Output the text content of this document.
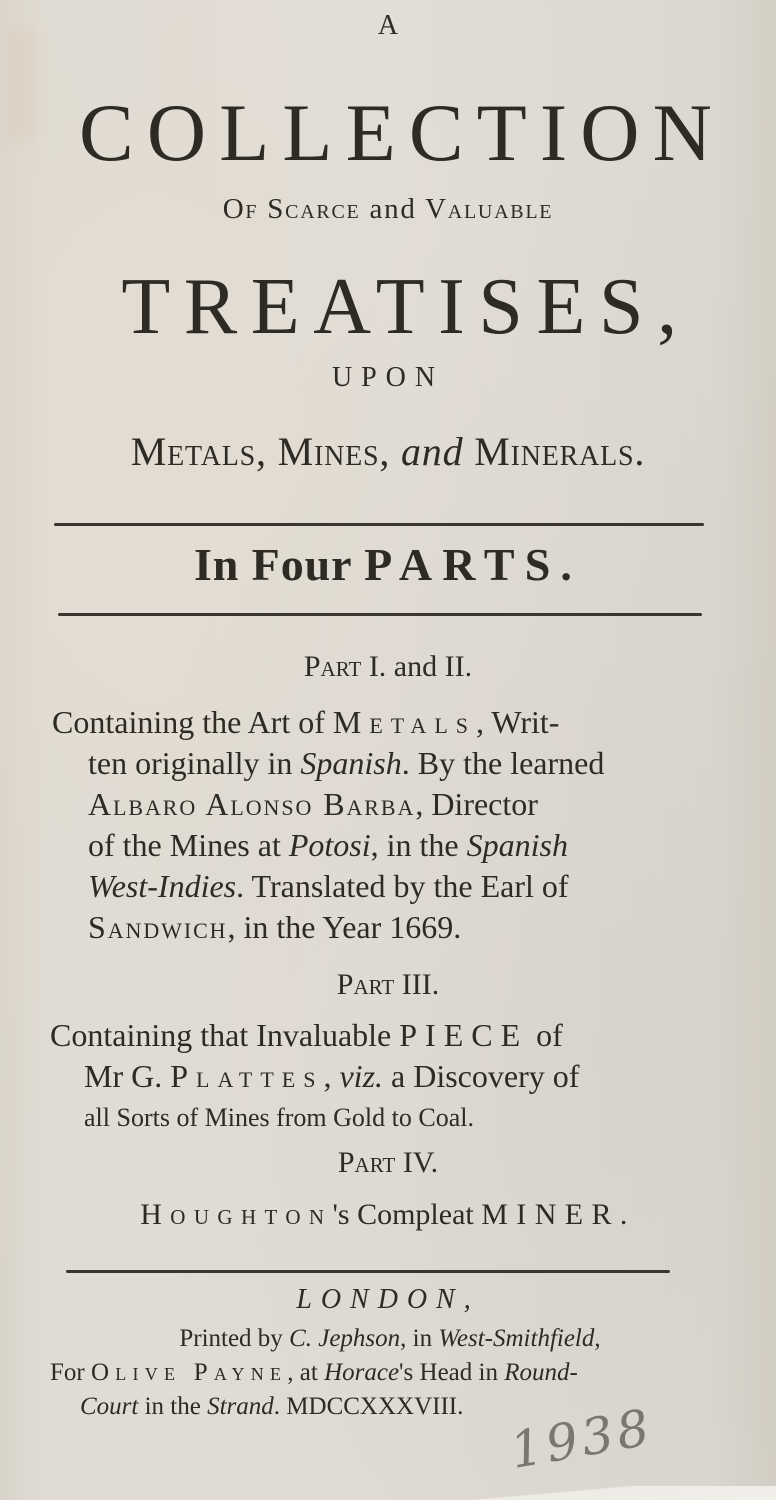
A
COLLECTION
Of Scarce and Valuable
TREATISES,
UPON
Metals, Mines, and Minerals.
In Four PARTS.
Part I. and II.
Containing the Art of Metals, Writ-
ten originally in Spanish. By the learned
Albaro Alonso Barba, Director
of the Mines at Potosi, in the Spanish
West-Indies. Translated by the Earl of
Sandwich, in the Year 1669.
Part III.
Containing that Invaluable PIECE of
Mr G. Plattes, viz. a Discovery of
all Sorts of Mines from Gold to Coal.
Part IV.
Houghton's Compleat MINER.
LONDON,
Printed by C. Jephson, in West-Smithfield,
For Olive Payne, at Horace's Head in Round-
Court in the Strand. MDCCXXXVIII. 1938
